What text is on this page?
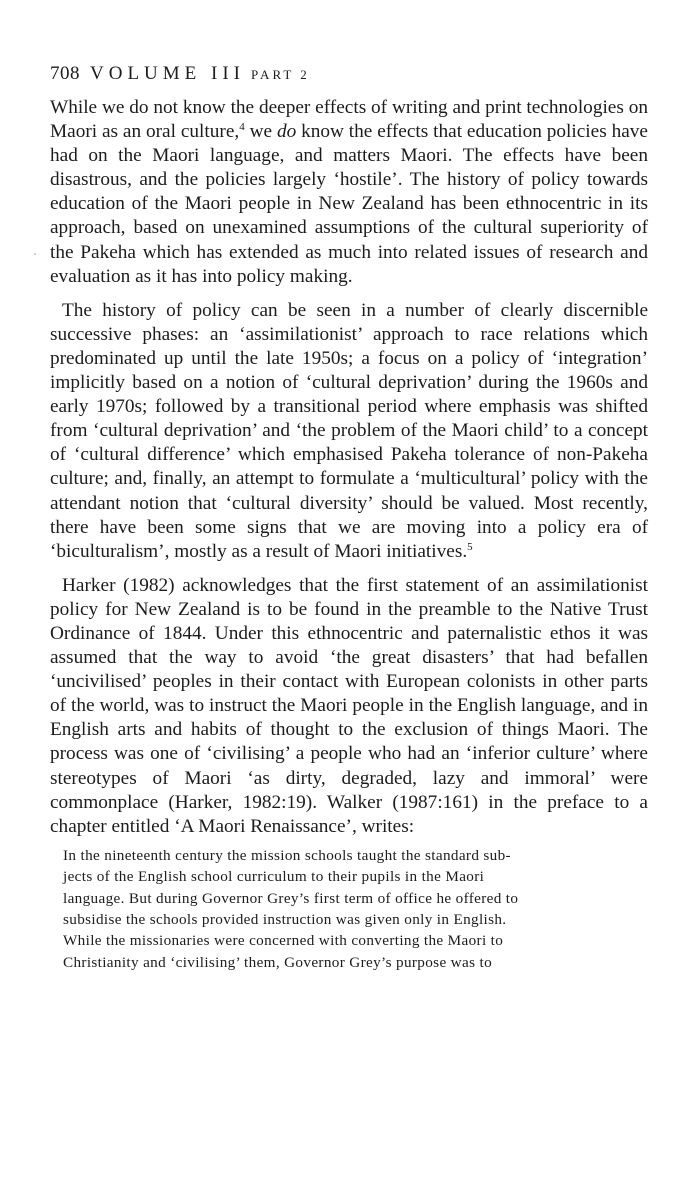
708 VOLUME III PART 2

While we do not know the deeper effects of writing and print technologies on Maori as an oral culture,$^4$ we do know the effects that education policies have had on the Maori language, and matters Maori. The effects have been disastrous, and the policies largely ‘hostile’. The history of policy towards education of the Maori people in New Zealand has been ethnocentric in its approach, based on unexamined assumptions of the cultural superiority of the Pakeha which has extended as much into related issues of research and evaluation as it has into policy making.

The history of policy can be seen in a number of clearly discernible successive phases: an ‘assimilationist’ approach to race relations which predominated up until the late 1950s; a focus on a policy of ‘integration’ implicitly based on a notion of ‘cultural deprivation’ during the 1960s and early 1970s; followed by a transitional period where emphasis was shifted from ‘cultural deprivation’ and ‘the problem of the Maori child’ to a concept of ‘cultural difference’ which emphasised Pakeha tolerance of non-Pakeha culture; and, finally, an attempt to formulate a ‘multicultural’ policy with the attendant notion that ‘cultural diversity’ should be valued. Most recently, there have been some signs that we are moving into a policy era of ‘biculturalism’, mostly as a result of Maori initiatives.$^5$

Harker (1982) acknowledges that the first statement of an assimilationist policy for New Zealand is to be found in the preamble to the Native Trust Ordinance of 1844. Under this ethnocentric and paternalistic ethos it was assumed that the way to avoid ‘the great disasters’ that had befallen ‘uncivilised’ peoples in their contact with European colonists in other parts of the world, was to instruct the Maori people in the English language, and in English arts and habits of thought to the exclusion of things Maori. The process was one of ‘civilising’ a people who had an ‘inferior culture’ where stereotypes of Maori ‘as dirty, degraded, lazy and immoral’ were commonplace (Harker, 1982:19). Walker (1987:161) in the preface to a chapter entitled ‘A Maori Renaissance’, writes:

In the nineteenth century the mission schools taught the standard sub-
jects of the English school curriculum to their pupils in the Maori
language. But during Governor Grey’s first term of office he offered to
subsidise the schools provided instruction was given only in English.
While the missionaries were concerned with converting the Maori to
Christianity and ‘civilising’ them, Governor Grey’s purpose was to
